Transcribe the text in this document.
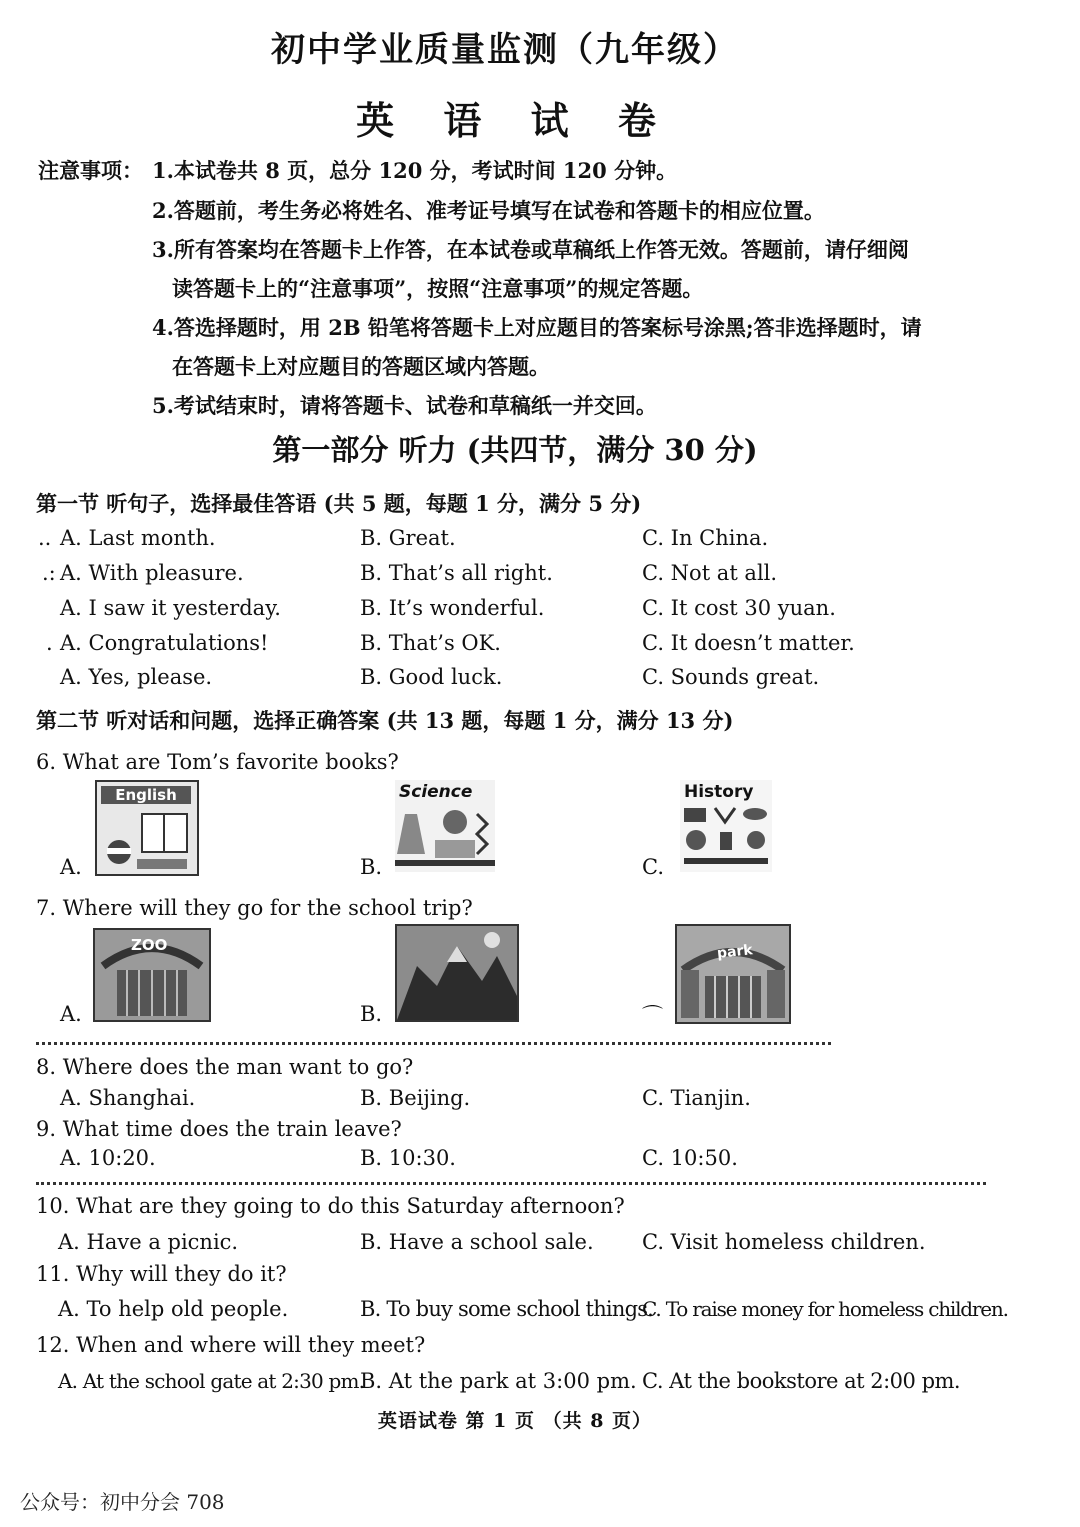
初中学业质量监测（九年级）
英 语 试 卷
注意事项： 1.本试卷共 8 页，总分 120 分，考试时间 120 分钟。
2.答题前，考生务必将姓名、准考证号填写在试卷和答题卡的相应位置。
3.所有答案均在答题卡上作答，在本试卷或草稿纸上作答无效。答题前，请仔细阅
读答题卡上的“注意事项”，按照“注意事项”的规定答题。
4.答选择题时，用 2B 铅笔将答题卡上对应题目的答案标号涂黑;答非选择题时，请
在答题卡上对应题目的答题区域内答题。
5.考试结束时，请将答题卡、试卷和草稿纸一并交回。
第一部分 听力 (共四节，满分 30 分)
第一节 听句子，选择最佳答语 (共 5 题，每题 1 分，满分 5 分)
.. A. Last month.	B. Great.	C. In China.
.: A. With pleasure.	B. That’s all right.	C. Not at all.
A. I saw it yesterday.	B. It’s wonderful.	C. It cost 30 yuan.
. A. Congratulations!	B. That’s OK.	C. It doesn’t matter.
A. Yes, please.	B. Good luck.	C. Sounds great.
第二节 听对话和问题，选择正确答案 (共 13 题，每题 1 分，满分 13 分)
6. What are Tom’s favorite books?
A.
English
B.
Science
C.
History
7. Where will they go for the school trip?
A.
ZOO
B.	⌒
park
8. Where does the man want to go?
A. Shanghai.	B. Beijing.	C. Tianjin.
9. What time does the train leave?
A. 10:20.	B. 10:30.	C. 10:50.
10. What are they going to do this Saturday afternoon?
A. Have a picnic.	B. Have a school sale. C. Visit homeless children.
11. Why will they do it?
A. To help old people.	B. To buy some school things.
C. To raise money for homeless children.
12. When and where will they meet?
A. At the school gate at 2:30 pm.
B. At the park at 3:00 pm. C. At the bookstore at 2:00 pm.
英语试卷 第 1 页 （共 8 页）
公众号：初中分会 708
